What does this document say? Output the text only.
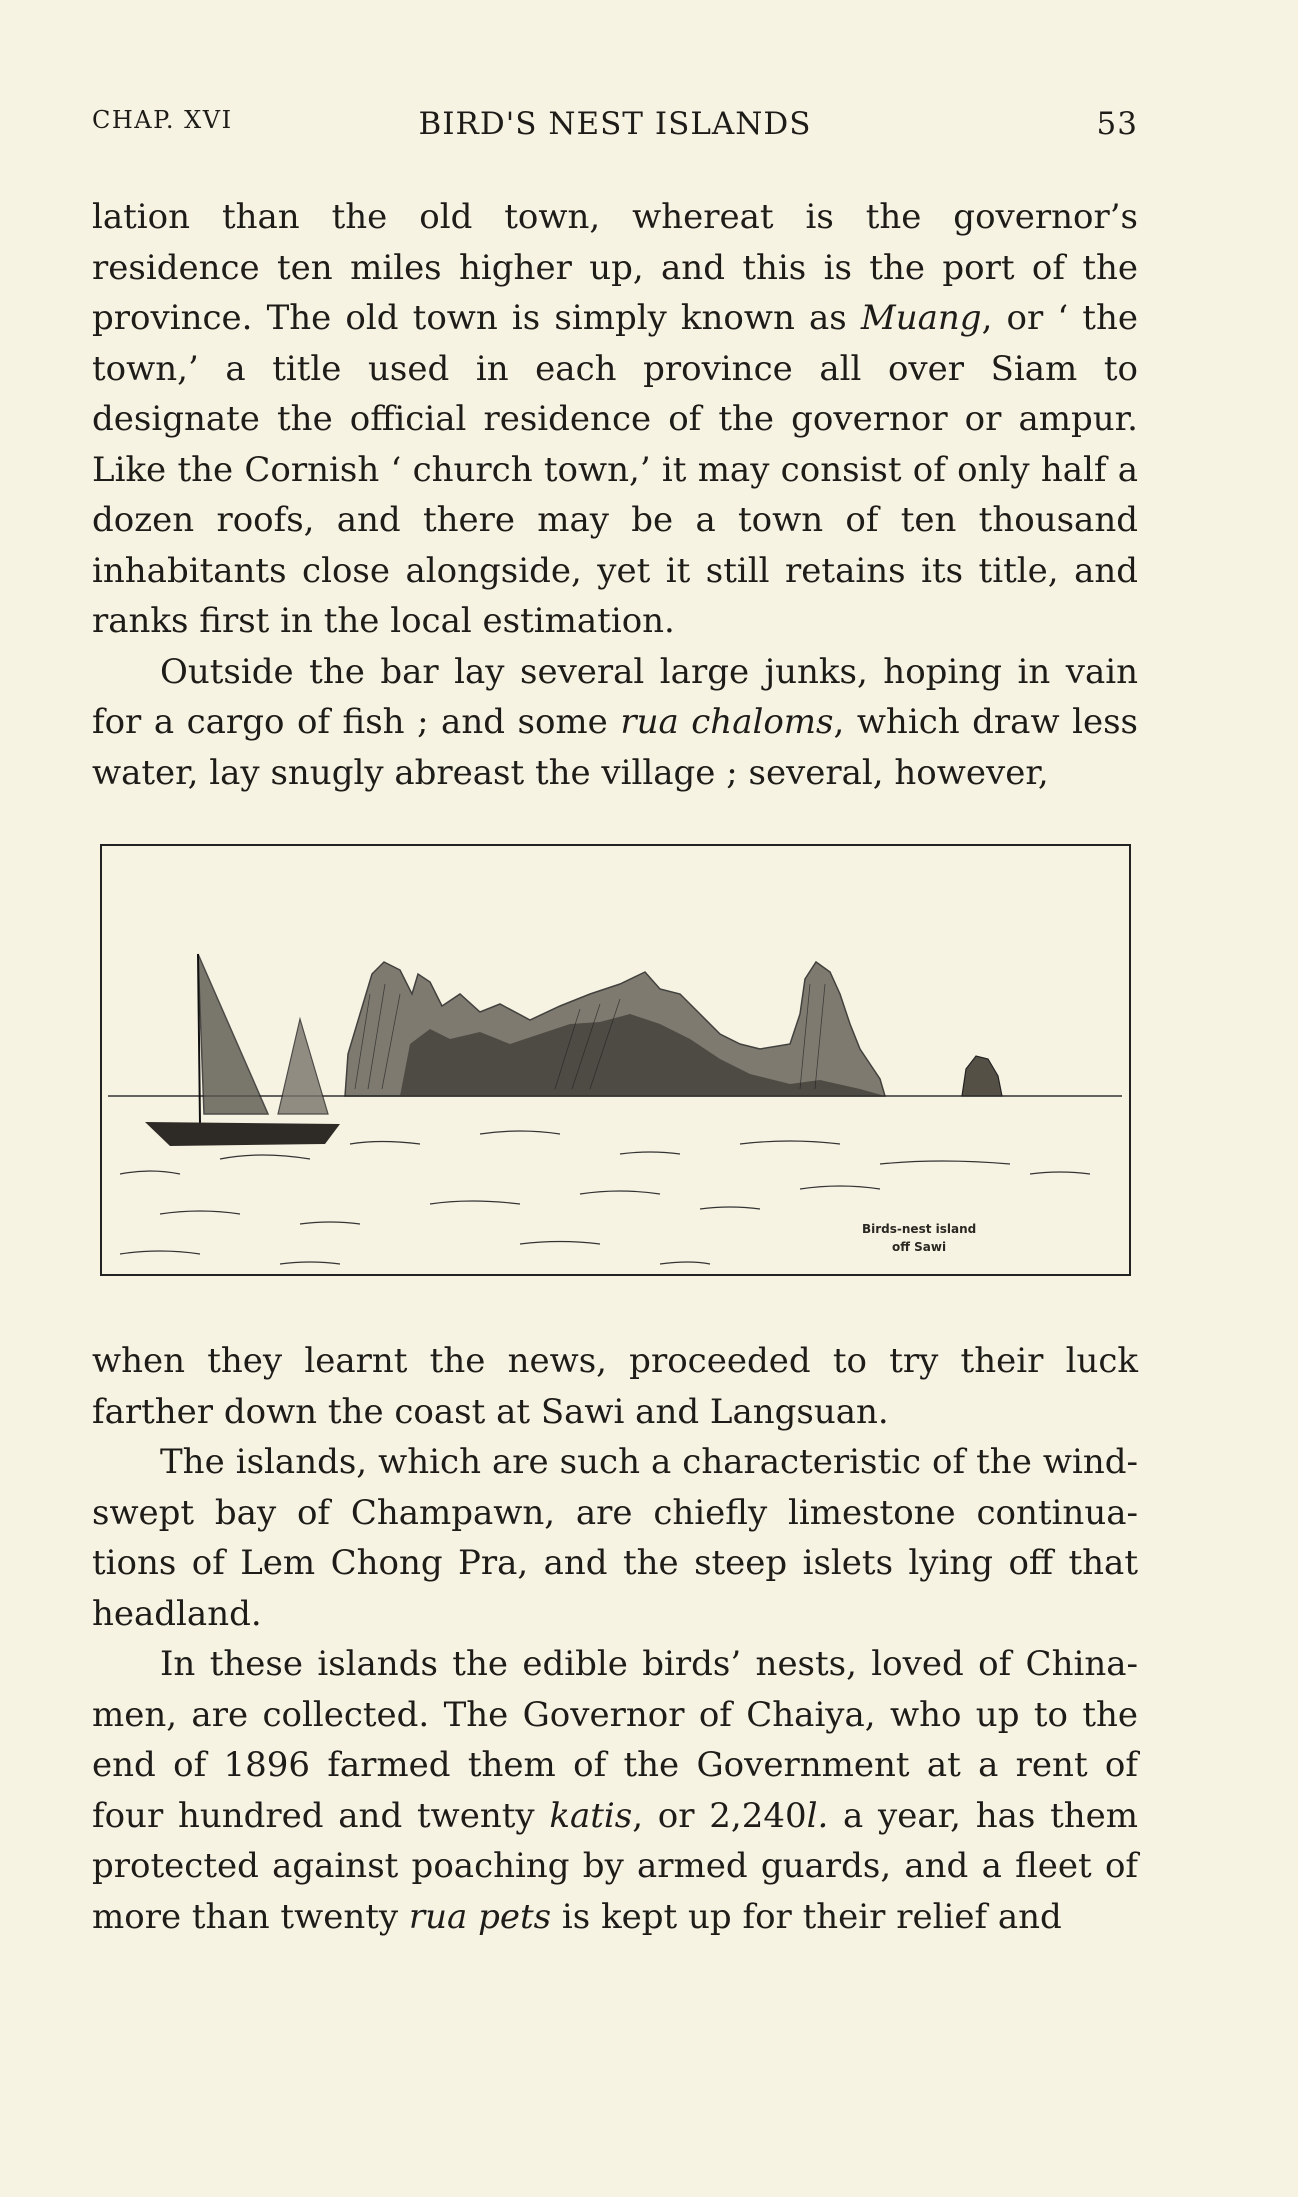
CHAP. XVI	BIRD'S NEST ISLANDS	53

lation than the old town, whereat is the governor’s residence ten miles higher up, and this is the port of the province. The old town is simply known as Muang, or ‘ the town,’ a title used in each province all over Siam to designate the official residence of the governor or ampur. Like the Cornish ‘ church town,’ it may consist of only half a dozen roofs, and there may be a town of ten thousand inhabitants close alongside, yet it still retains its title, and ranks first in the local estimation.

Outside the bar lay several large junks, hoping in vain for a cargo of fish ; and some rua chaloms, which draw less water, lay snugly abreast the village ; several, however,

Birds-nest island
off Sawi

when they learnt the news, proceeded to try their luck farther down the coast at Sawi and Langsuan.

The islands, which are such a characteristic of the wind-swept bay of Champawn, are chiefly limestone continua-tions of Lem Chong Pra, and the steep islets lying off that headland.

In these islands the edible birds’ nests, loved of China-men, are collected. The Governor of Chaiya, who up to the end of 1896 farmed them of the Government at a rent of four hundred and twenty katis, or 2,240l. a year, has them protected against poaching by armed guards, and a fleet of more than twenty rua pets is kept up for their relief and
